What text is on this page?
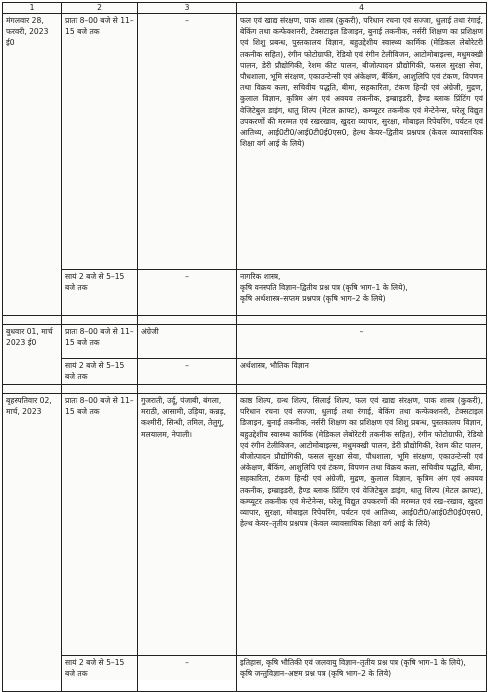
1	2	3	4
मंगलवार 28, फरवरी, 2023 ई0	प्रातः 8–00 बजे से 11–15 बजे तक	–	फल एवं खाद्य संरक्षण, पाक शास्त्र (कुकरी), परिधान रचना एवं सज्जा, धुलाई तथा रंगाई, बेकिंग तथा कन्फेक्शनरी, टेक्सटाइल डिजाइन, बुनाई तकनीक, नर्सरी शिक्षण का प्रशिक्षण एवं शिशु प्रबन्ध, पुस्तकालय विज्ञान, बहुउद्देशीय स्वास्थ्य कार्मिक (मेडिकल लेबोरेटरी तकनीक सहित), रंगीन फोटोग्राफी, रेडियो एवं रंगीन टेलीविजन, आटोमोबाइल्स, मधुमक्खी पालन, डेरी प्रौद्योगिकी, रेशम कीट पालन, बीजोत्पादन प्रौद्योगिकी, फसल सुरक्षा सेवा, पौधशाला, भूमि संरक्षण, एकाउन्टेन्सी एवं अंकेक्षण, बैंकिंग, आशुलिपि एवं टंकण, विपणन तथा विक्रय कला, सचिवीय पद्धति, बीमा, सहकारिता, टंकण हिन्दी एवं अंग्रेजी, मुद्रण, कुलाल विज्ञान, कृत्रिम अंग एवं अवयव तकनीक, इम्ब्राइडरी, हैण्ड ब्लाक प्रिंटिंग एवं वेजिटेबुल डाइंग, धातु शिल्प (मेटल क्राफ्ट), कम्प्यूटर तकनीक एवं मेन्टेनेन्स, घरेलू विद्युत उपकरणों की मरम्मत एवं रखरखाव, खुदरा व्यापार, सुरक्षा, मोबाइल रिपेयरिंग, पर्यटन एवं आतिथ्य, आई0टी0/आई0टी0ई0एस0, हेल्थ केयर–द्वितीय प्रश्नपत्र (केवल व्यावसायिक शिक्षा वर्ग आई के लिये)
	सायं 2 बजे से 5–15 बजे तक	–	नागरिक शास्त्र,
कृषि वनस्पति विज्ञान–द्वितीय प्रश्न पत्र (कृषि भाग–1 के लिये),
कृषि अर्थशास्त्र–सप्तम प्रश्नपत्र (कृषि भाग–2 के लिये)

बुधवार 01, मार्च 2023 ई0	प्रातः 8–00 बजे से 11–15 बजे तक	अंग्रेजी	–
	सायं 2 बजे से 5–15 बजे तक	–	अर्थशास्त्र, भौतिक विज्ञान

बृहस्पतिवार 02, मार्च, 2023	प्रातः 8–00 बजे से 11–15 बजे तक	गुजराती, उर्दू, पंजाबी, बंगला, मराठी, आसामी, उड़िया, कन्नड़, कश्मीरी, सिन्धी, तमिल, तेलुगू, मलयालम, नेपाली।	काष्ठ शिल्प, ग्रन्थ शिल्प, सिलाई शिल्प, फल एवं खाद्य संरक्षण, पाक शास्त्र (कुकरी), परिधान रचना एवं सज्जा, धुलाई तथा रंगाई, बेकिंग तथा कन्फेक्शनरी, टेक्सटाइल डिजाइन, बुनाई तकनीक, नर्सरी शिक्षण का प्रशिक्षण एवं शिशु प्रबन्ध, पुस्तकालय विज्ञान, बहुउद्देशीय स्वास्थ्य कार्मिक (मेडिकल लेबोरेटरी तकनीक सहित), रंगीन फोटोग्राफी, रेडियो एवं रंगीन टेलीविजन, आटोमोबाइल्स, मधुमक्खी पालन, डेरी प्रौद्योगिकी, रेशम कीट पालन, बीजोत्पादन प्रौद्योगिकी, फसल सुरक्षा सेवा, पौधशाला, भूमि संरक्षण, एकाउन्टेन्सी एवं अंकेक्षण, बैंकिंग, आशुलिपि एवं टंकण, विपणन तथा विक्रय कला, सचिवीय पद्धति, बीमा, सहकारिता, टंकण हिन्दी एवं अंग्रेजी, मुद्रण, कुलाल विज्ञान, कृत्रिम अंग एवं अवयव तकनीक, इम्ब्राइडरी, हैण्ड ब्लाक प्रिंटिंग एवं वेजिटेबुल डाइंग, धातु शिल्प (मेटल क्राफ्ट), कम्प्यूटर तकनीक एवं मेन्टेनेन्स, घरेलू विद्युत उपकरणों की मरम्मत एवं रख–रखाव, खुदरा व्यापार, सुरक्षा, मोबाइल रिपेयरिंग, पर्यटन एवं आतिथ्य, आई0टी0/आई0टी0ई0एस0, हेल्थ केयर–तृतीय प्रश्नपत्र (केवल व्यावसायिक शिक्षा वर्ग आई के लिये)
	सायं 2 बजे से 5–15 बजे तक	–	इतिहास, कृषि भौतिकी एवं जलवायु विज्ञान–तृतीय प्रश्न पत्र (कृषि भाग–1 के लिये),
कृषि जन्तुविज्ञान–अष्टम प्रश्न पत्र (कृषि भाग–2 के लिये)
